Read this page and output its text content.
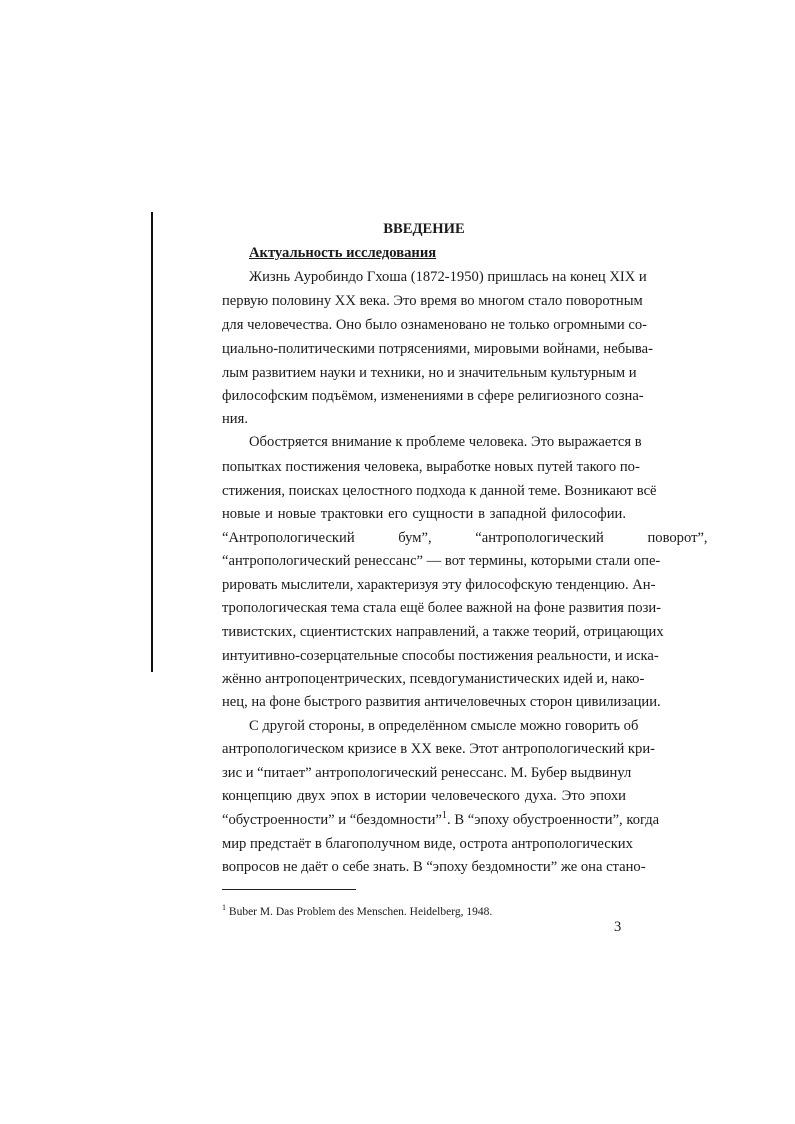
ВВЕДЕНИЕ
Актуальность исследования

Жизнь Ауробиндо Гхоша (1872-1950) пришлась на конец XIX и

первую половину XX века. Это время во многом стало поворотным

для человечества. Оно было ознаменовано не только огромными со-

циально-политическими потрясениями, мировыми войнами, небыва-

лым развитием науки и техники, но и значительным культурным и

философским подъёмом, изменениями в сфере религиозного созна-

ния.

Обостряется внимание к проблеме человека. Это выражается в

попытках постижения человека, выработке новых путей такого по-

стижения, поисках целостного подхода к данной теме. Возникают всё

новые и новые трактовки его сущности в западной философии.

“Антропологический бум”, “антропологический поворот”,

“антропологический ренессанс” — вот термины, которыми стали опе-

рировать мыслители, характеризуя эту философскую тенденцию. Ан-

тропологическая тема стала ещё более важной на фоне развития пози-

тивистских, сциентистских направлений, а также теорий, отрицающих

интуитивно-созерцательные способы постижения реальности, и иска-

жённо антропоцентрических, псевдогуманистических идей и, нако-

нец, на фоне быстрого развития античеловечных сторон цивилизации.

С другой стороны, в определённом смысле можно говорить об

антропологическом кризисе в XX веке. Этот антропологический кри-

зис и “питает” антропологический ренессанс. М. Бубер выдвинул

концепцию двух эпох в истории человеческого духа. Это эпохи

“обустроенности” и “бездомности”$^1$. В “эпоху обустроенности”, когда

мир предстаёт в благополучном виде, острота антропологических

вопросов не даёт о себе знать. В “эпоху бездомности” же она стано-

$^1$ Buber M. Das Problem des Menschen. Heidelberg, 1948.

3
